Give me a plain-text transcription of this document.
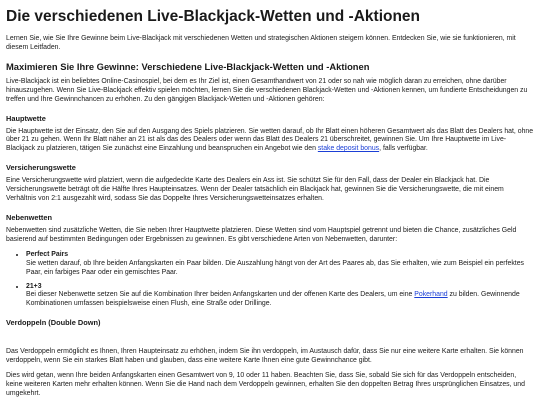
Die verschiedenen Live-Blackjack-Wetten und -Aktionen

Lernen Sie, wie Sie Ihre Gewinne beim Live-Blackjack mit verschiedenen Wetten und strategischen Aktionen steigern können. Entdecken Sie, wie sie funktionieren, mit diesem Leitfaden.

Maximieren Sie Ihre Gewinne: Verschiedene Live-Blackjack-Wetten und -Aktionen

Live-Blackjack ist ein beliebtes Online-Casinospiel, bei dem es Ihr Ziel ist, einen Gesamthandwert von 21 oder so nah wie möglich daran zu erreichen, ohne darüber hinauszugehen. Wenn Sie Live-Blackjack effektiv spielen möchten, lernen Sie die verschiedenen Blackjack-Wetten und -Aktionen kennen, um fundierte Entscheidungen zu treffen und Ihre Gewinnchancen zu erhöhen. Zu den gängigen Blackjack-Wetten und -Aktionen gehören:

Hauptwette

Die Hauptwette ist der Einsatz, den Sie auf den Ausgang des Spiels platzieren. Sie wetten darauf, ob Ihr Blatt einen höheren Gesamtwert als das Blatt des Dealers hat, ohne über 21 zu gehen. Wenn Ihr Blatt näher an 21 ist als das des Dealers oder wenn das Blatt des Dealers 21 überschreitet, gewinnen Sie. Um Ihre Hauptwette im Live-Blackjack zu platzieren, tätigen Sie zunächst eine Einzahlung und beanspruchen ein Angebot wie den stake deposit bonus, falls verfügbar.

Versicherungswette

Eine Versicherungswette wird platziert, wenn die aufgedeckte Karte des Dealers ein Ass ist. Sie schützt Sie für den Fall, dass der Dealer ein Blackjack hat. Die Versicherungswette beträgt oft die Hälfte Ihres Haupteinsatzes. Wenn der Dealer tatsächlich ein Blackjack hat, gewinnen Sie die Versicherungswette, die mit einem Verhältnis von 2:1 ausgezahlt wird, sodass Sie das Doppelte Ihres Versicherungswetteinsatzes erhalten.

Nebenwetten

Nebenwetten sind zusätzliche Wetten, die Sie neben Ihrer Hauptwette platzieren. Diese Wetten sind vom Hauptspiel getrennt und bieten die Chance, zusätzliches Geld basierend auf bestimmten Bedingungen oder Ergebnissen zu gewinnen. Es gibt verschiedene Arten von Nebenwetten, darunter:

• Perfect Pairs
Sie wetten darauf, ob Ihre beiden Anfangskarten ein Paar bilden. Die Auszahlung hängt von der Art des Paares ab, das Sie erhalten, wie zum Beispiel ein perfektes Paar, ein farbiges Paar oder ein gemischtes Paar.
• 21+3
Bei dieser Nebenwette setzen Sie auf die Kombination Ihrer beiden Anfangskarten und der offenen Karte des Dealers, um eine Pokerhand zu bilden. Gewinnende Kombinationen umfassen beispielsweise einen Flush, eine Straße oder Drillinge.
Verdoppeln (Double Down)

Das Verdoppeln ermöglicht es Ihnen, Ihren Haupteinsatz zu erhöhen, indem Sie ihn verdoppeln, im Austausch dafür, dass Sie nur eine weitere Karte erhalten. Sie können verdoppeln, wenn Sie ein starkes Blatt haben und glauben, dass eine weitere Karte Ihnen eine gute Gewinnchance gibt.

Dies wird getan, wenn Ihre beiden Anfangskarten einen Gesamtwert von 9, 10 oder 11 haben. Beachten Sie, dass Sie, sobald Sie sich für das Verdoppeln entscheiden, keine weiteren Karten mehr erhalten können. Wenn Sie die Hand nach dem Verdoppeln gewinnen, erhalten Sie den doppelten Betrag Ihres ursprünglichen Einsatzes, und umgekehrt.
